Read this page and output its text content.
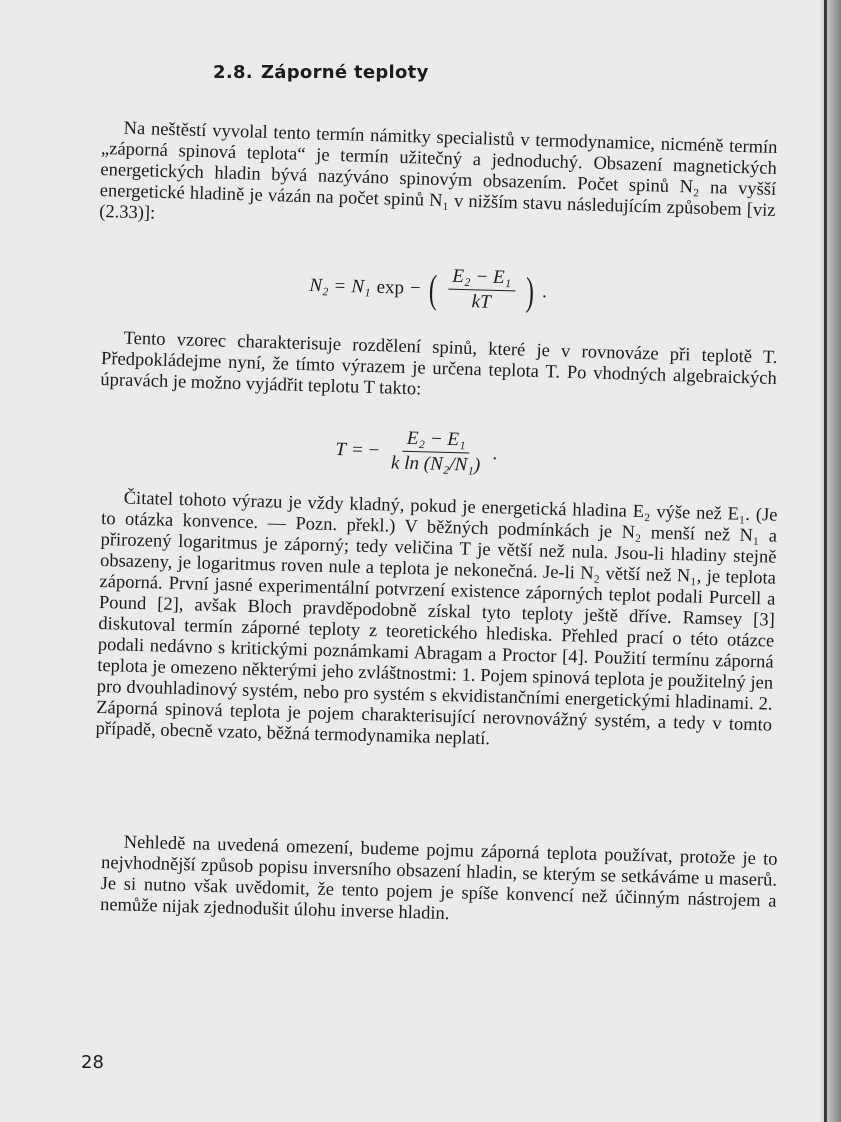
2.8. Záporné teploty

Na neštěstí vyvolal tento termín námitky specialistů v termodynamice, nicméně termín „záporná spinová teplota“ je termín užitečný a jednoduchý. Obsazení magnetických energetických hladin bývá nazýváno spinovým obsazením. Počet spinů N₂ na vyšší energetické hladině je vázán na počet spinů N₁ v nižším stavu následujícím způsobem [viz (2.33)]:

N₂ = N₁ exp − ( $\frac{\text{E₂ − E₁}}{kT}$ ) .

Tento vzorec charakterisuje rozdělení spinů, které je v rovnováze při teplotě T. Předpokládejme nyní, že tímto výrazem je určena teplota T. Po vhodných algebraických úpravách je možno vyjádřit teplotu T takto:

T = − $\frac{\text{E₂ − E₁}}{\text{k ln (N₂/N₁)}}$ .

Čitatel tohoto výrazu je vždy kladný, pokud je energetická hladina E₂ výše než E₁. (Je to otázka konvence. — Pozn. překl.) V běžných podmínkách je N₂ menší než N₁ a přirozený logaritmus je záporný; tedy veličina T je větší než nula. Jsou-li hladiny stejně obsazeny, je logaritmus roven nule a teplota je nekonečná. Je-li N₂ větší než N₁, je teplota záporná. První jasné experimentální potvrzení existence záporných teplot podali Purcell a Pound [2], avšak Bloch pravděpodobně získal tyto teploty ještě dříve. Ramsey [3] diskutoval termín záporné teploty z teoretického hlediska. Přehled prací o této otázce podali nedávno s kritickými poznámkami Abragam a Proctor [4]. Použití termínu záporná teplota je omezeno některými jeho zvláštnostmi: 1. Pojem spinová teplota je použitelný jen pro dvouhladinový systém, nebo pro systém s ekvidistančními energetickými hladinami. 2. Záporná spinová teplota je pojem charakterisující nerovnovážný systém, a tedy v tomto případě, obecně vzato, běžná termodynamika neplatí.

Nehledě na uvedená omezení, budeme pojmu záporná teplota používat, protože je to nejvhodnější způsob popisu inversního obsazení hladin, se kterým se setkáváme u maserů. Je si nutno však uvědomit, že tento pojem je spíše konvencí než účinným nástrojem a nemůže nijak zjednodušit úlohu inverse hladin.

28
